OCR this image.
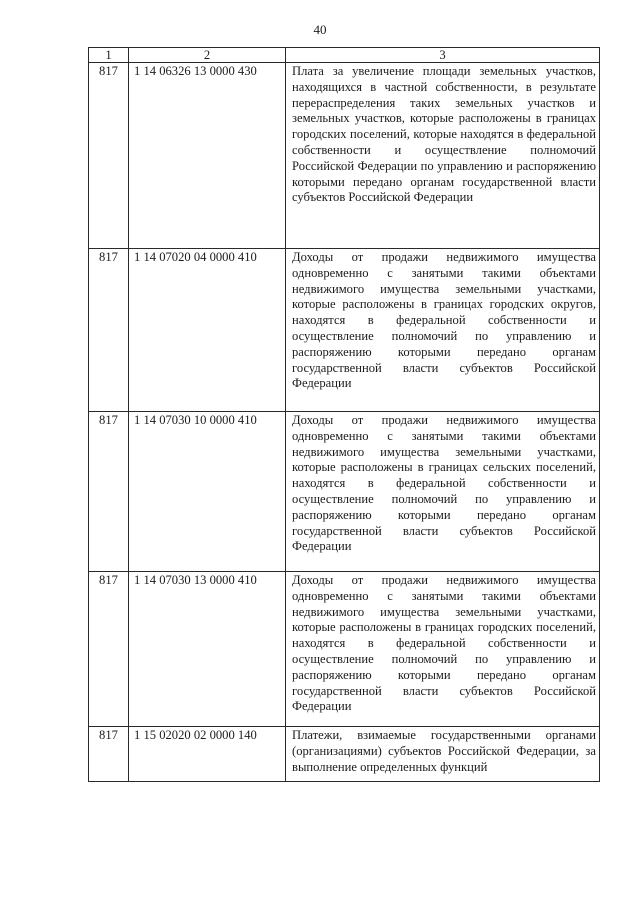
40
1	2	3
817	1 14 06326 13 0000 430	Плата за увеличение площади земельных участков, находящихся в частной собственности, в результате перераспределения таких земельных участков и земельных участков, которые расположены в границах городских поселений, которые находятся в федеральной собственности и осуществление полномочий Российской Федерации по управлению и распоряжению которыми передано органам государственной власти субъектов Российской Федерации
817	1 14 07020 04 0000 410	Доходы от продажи недвижимого имущества одновременно с занятыми такими объектами недвижимого имущества земельными участками, которые расположены в границах городских округов, находятся в федеральной собственности и осуществление полномочий по управлению и распоряжению которыми передано органам государственной власти субъектов Российской Федерации
817	1 14 07030 10 0000 410	Доходы от продажи недвижимого имущества одновременно с занятыми такими объектами недвижимого имущества земельными участками, которые расположены в границах сельских поселений, находятся в федеральной собственности и осуществление полномочий по управлению и распоряжению которыми передано органам государственной власти субъектов Российской Федерации
817	1 14 07030 13 0000 410	Доходы от продажи недвижимого имущества одновременно с занятыми такими объектами недвижимого имущества земельными участками, которые расположены в границах городских поселений, находятся в федеральной собственности и осуществление полномочий по управлению и распоряжению которыми передано органам государственной власти субъектов Российской Федерации
817	1 15 02020 02 0000 140	Платежи, взимаемые государственными органами (организациями) субъектов Российской Федерации, за выполнение определенных функций
